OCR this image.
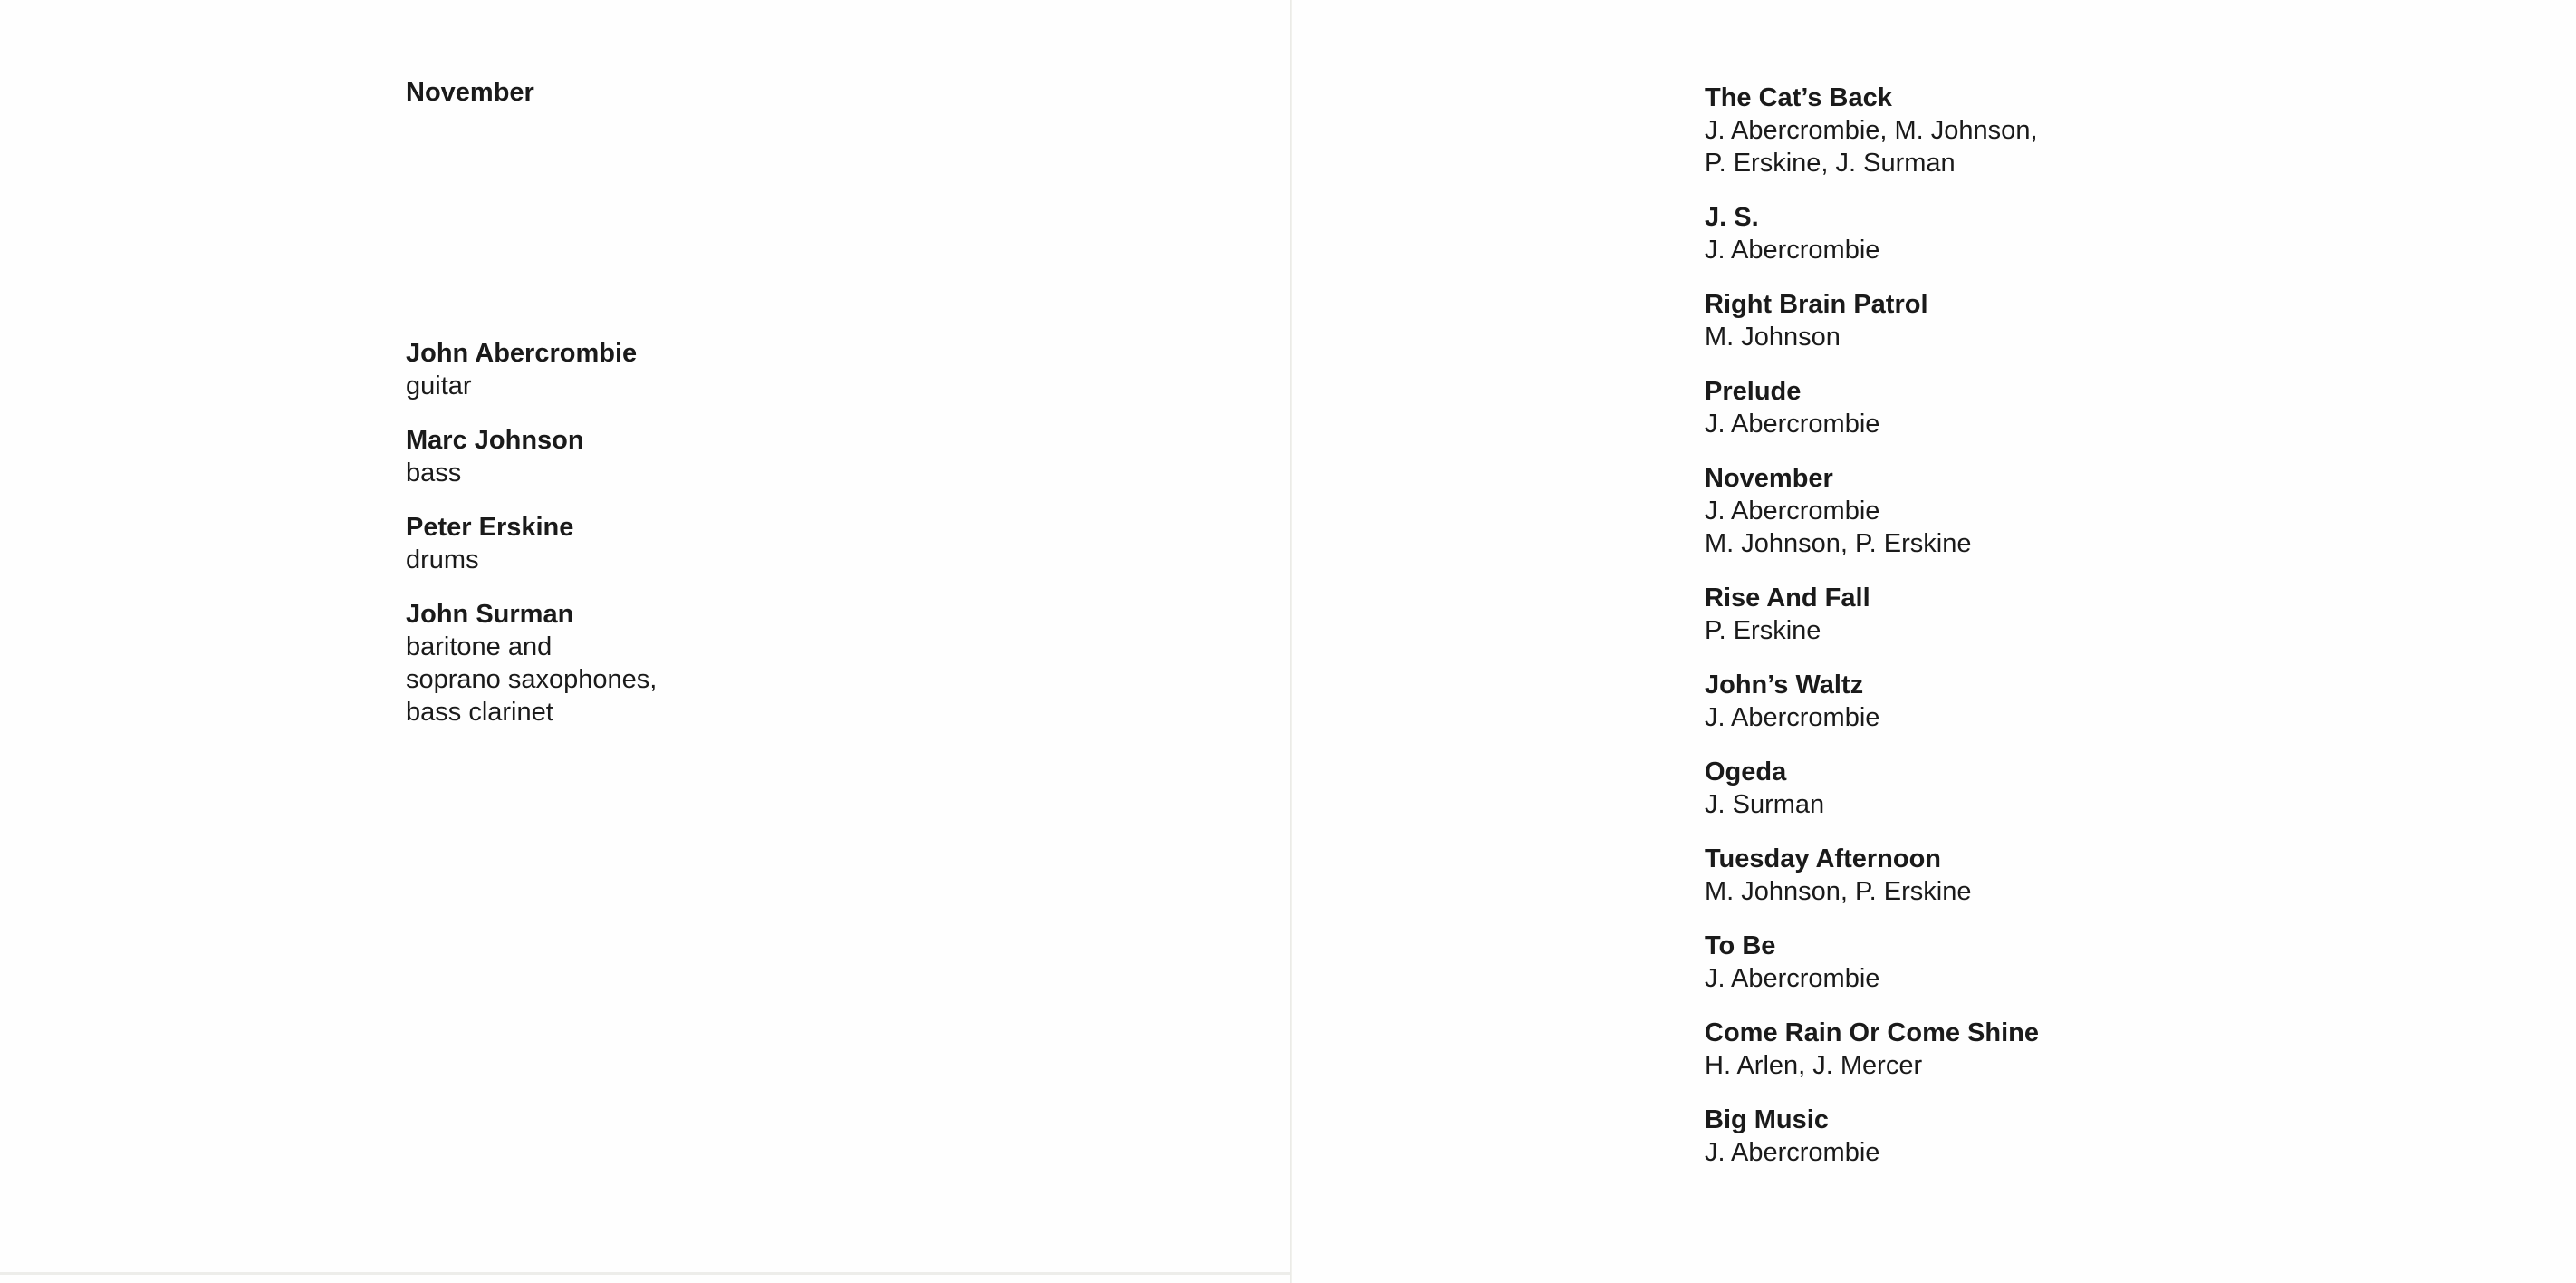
November
John Abercrombie
guitar
Marc Johnson
bass
Peter Erskine
drums
John Surman
baritone and
soprano saxophones,
bass clarinet
The Cat’s Back
J. Abercrombie, M. Johnson,
P. Erskine, J. Surman
J. S.
J. Abercrombie
Right Brain Patrol
M. Johnson
Prelude
J. Abercrombie
November
J. Abercrombie
M. Johnson, P. Erskine
Rise And Fall
P. Erskine
John’s Waltz
J. Abercrombie
Ogeda
J. Surman
Tuesday Afternoon
M. Johnson, P. Erskine
To Be
J. Abercrombie
Come Rain Or Come Shine
H. Arlen, J. Mercer
Big Music
J. Abercrombie
